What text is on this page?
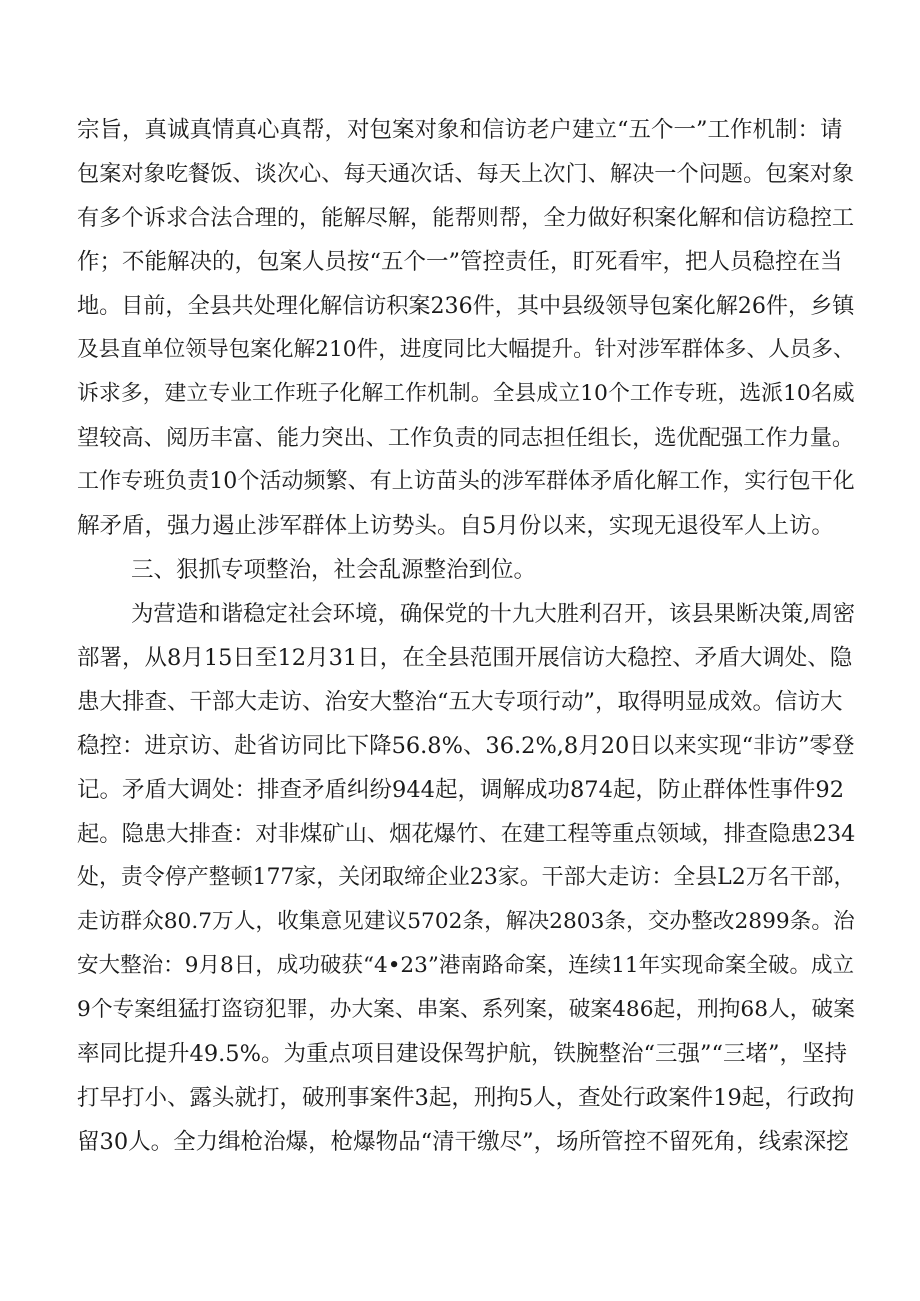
宗旨，真诚真情真心真帮，对包案对象和信访老户建立“五个一”工作机制：请
包案对象吃餐饭、谈次心、每天通次话、每天上次门、解决一个问题。包案对象
有多个诉求合法合理的，能解尽解，能帮则帮，全力做好积案化解和信访稳控工
作；不能解决的，包案人员按“五个一”管控责任，盯死看牢，把人员稳控在当
地。目前，全县共处理化解信访积案236件，其中县级领导包案化解26件，乡镇
及县直单位领导包案化解210件，进度同比大幅提升。针对涉军群体多、人员多、
诉求多，建立专业工作班子化解工作机制。全县成立10个工作专班，选派10名威
望较高、阅历丰富、能力突出、工作负责的同志担任组长，选优配强工作力量。
工作专班负责10个活动频繁、有上访苗头的涉军群体矛盾化解工作，实行包干化
解矛盾，强力遏止涉军群体上访势头。自5月份以来，实现无退役军人上访。
三、狠抓专项整治，社会乱源整治到位。
为营造和谐稳定社会环境，确保党的十九大胜利召开，该县果断决策,周密
部署，从8月15日至12月31日，在全县范围开展信访大稳控、矛盾大调处、隐
患大排查、干部大走访、治安大整治“五大专项行动”，取得明显成效。信访大
稳控：进京访、赴省访同比下降56.8%、36.2%,8月20日以来实现“非访”零登
记。矛盾大调处：排查矛盾纠纷944起，调解成功874起，防止群体性事件92
起。隐患大排查：对非煤矿山、烟花爆竹、在建工程等重点领域，排查隐患234
处，责令停产整顿177家，关闭取缔企业23家。干部大走访：全县L2万名干部，
走访群众80.7万人，收集意见建议5702条，解决2803条，交办整改2899条。治
安大整治：9月8日，成功破获“4•23”港南路命案，连续11年实现命案全破。成立
9个专案组猛打盗窃犯罪，办大案、串案、系列案，破案486起，刑拘68人，破案
率同比提升49.5%。为重点项目建设保驾护航，铁腕整治“三强”“三堵”，坚持
打早打小、露头就打，破刑事案件3起，刑拘5人，查处行政案件19起，行政拘
留30人。全力缉枪治爆，枪爆物品“清干缴尽”，场所管控不留死角，线索深挖
